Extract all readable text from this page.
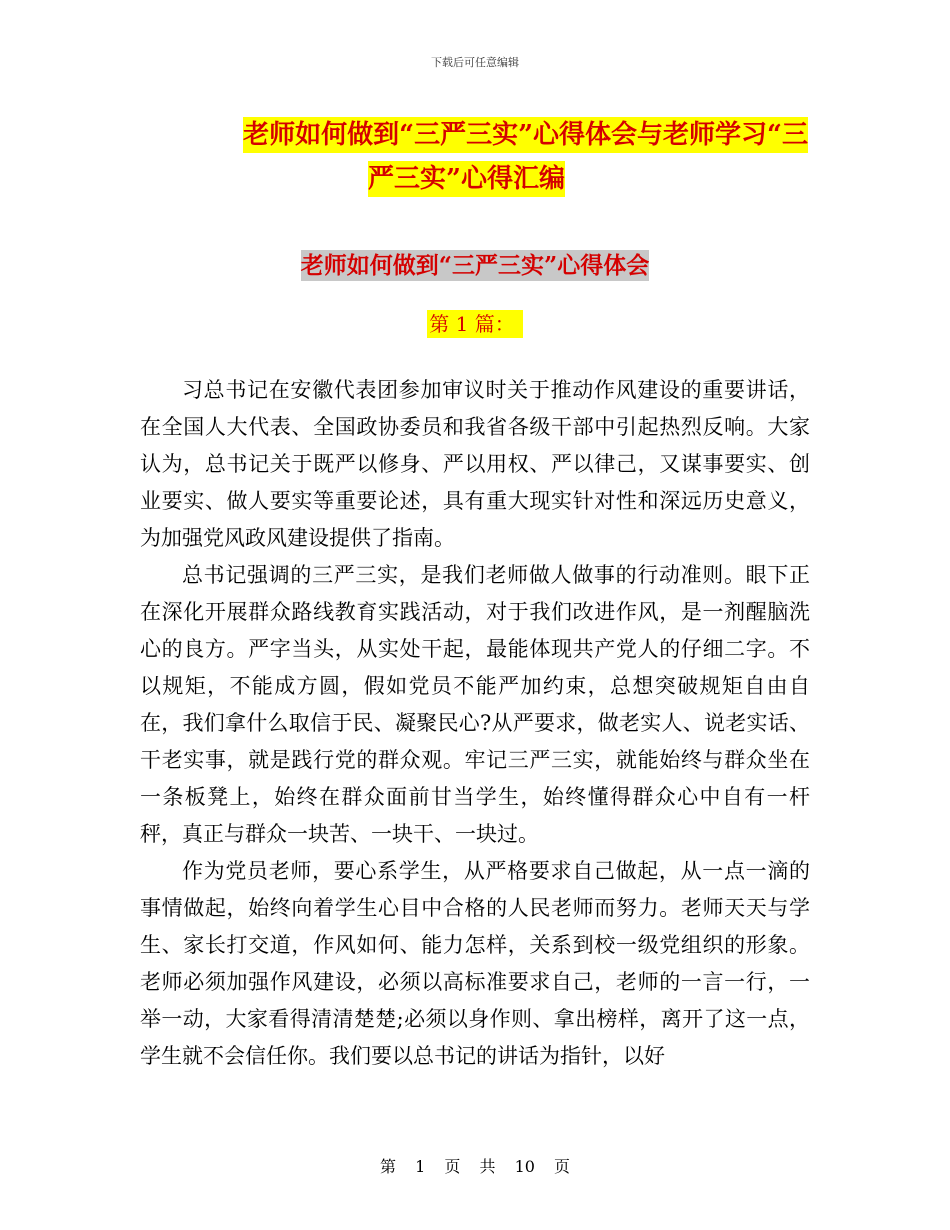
下载后可任意编辑
老师如何做到“三严三实”心得体会与老师学习“三
严三实”心得汇编
老师如何做到“三严三实”心得体会
第 1 篇：

习总书记在安徽代表团参加审议时关于推动作风建设的重要讲话，在全国人大代表、全国政协委员和我省各级干部中引起热烈反响。大家认为，总书记关于既严以修身、严以用权、严以律己，又谋事要实、创业要实、做人要实等重要论述，具有重大现实针对性和深远历史意义，为加强党风政风建设提供了指南。

总书记强调的三严三实，是我们老师做人做事的行动准则。眼下正在深化开展群众路线教育实践活动，对于我们改进作风，是一剂醒脑洗心的良方。严字当头，从实处干起，最能体现共产党人的仔细二字。不以规矩，不能成方圆，假如党员不能严加约束，总想突破规矩自由自在，我们拿什么取信于民、凝聚民心?从严要求，做老实人、说老实话、干老实事，就是践行党的群众观。牢记三严三实，就能始终与群众坐在一条板凳上，始终在群众面前甘当学生，始终懂得群众心中自有一杆秤，真正与群众一块苦、一块干、一块过。

作为党员老师，要心系学生，从严格要求自己做起，从一点一滴的事情做起，始终向着学生心目中合格的人民老师而努力。老师天天与学生、家长打交道，作风如何、能力怎样，关系到校一级党组织的形象。老师必须加强作风建设，必须以高标准要求自己，老师的一言一行，一举一动，大家看得清清楚楚;必须以身作则、拿出榜样，离开了这一点，学生就不会信任你。我们要以总书记的讲话为指针，以好

第 1 页 共 10 页
